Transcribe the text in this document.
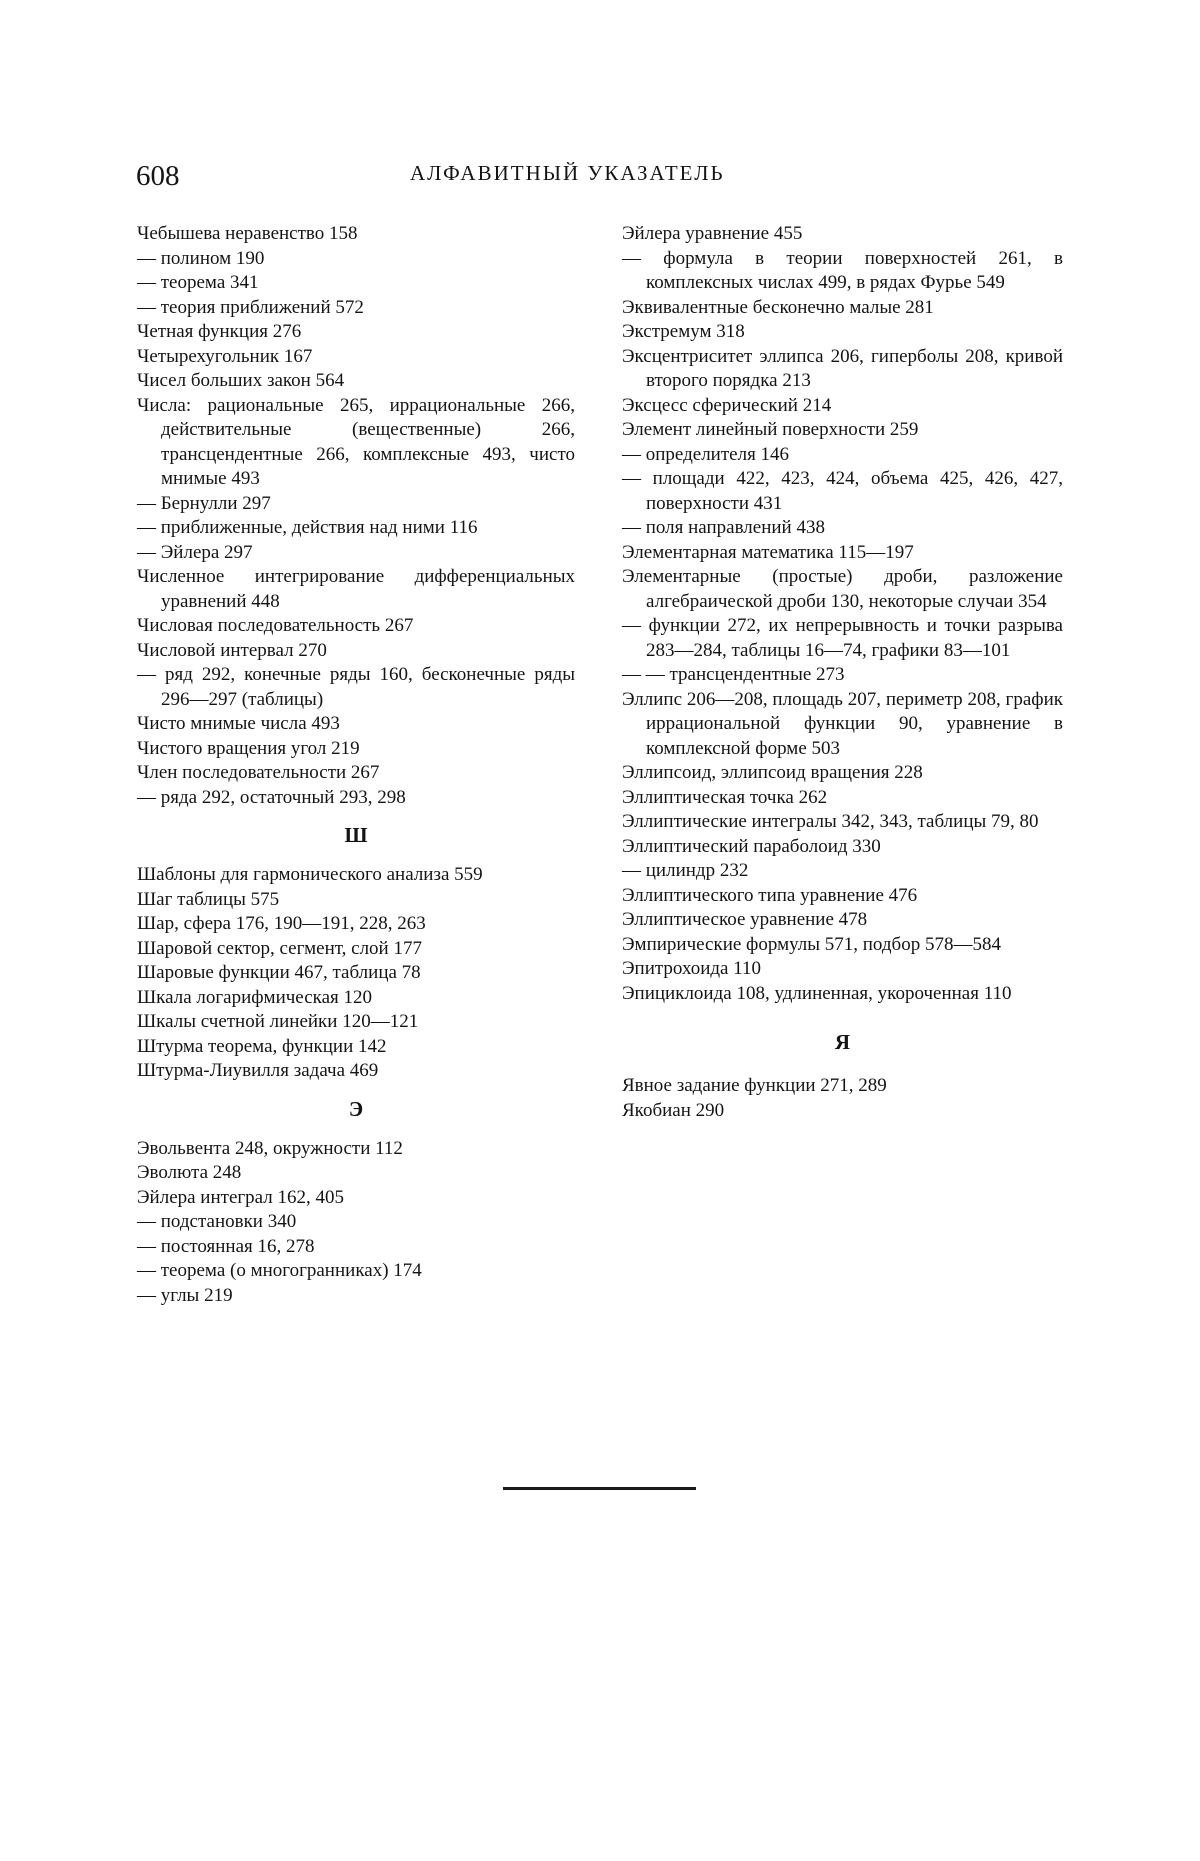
608	АЛФАВИТНЫЙ УКАЗАТЕЛЬ

Чебышева неравенство 158

— полином 190

— теорема 341

— теория приближений 572

Четная функция 276

Четырехугольник 167

Чисел больших закон 564

Числа: рациональные 265, иррациональные 266, действительные (вещественные) 266, трансцендентные 266, комплексные 493, чисто мнимые 493

— Бернулли 297

— приближенные, действия над ними 116

— Эйлера 297

Численное интегрирование дифференциальных уравнений 448

Числовая последовательность 267

Числовой интервал 270

— ряд 292, конечные ряды 160, бесконечные ряды 296—297 (таблицы)

Чисто мнимые числа 493

Чистого вращения угол 219

Член последовательности 267

— ряда 292, остаточный 293, 298

Ш

Шаблоны для гармонического анализа 559

Шаг таблицы 575

Шар, сфера 176, 190—191, 228, 263

Шаровой сектор, сегмент, слой 177

Шаровые функции 467, таблица 78

Шкала логарифмическая 120

Шкалы счетной линейки 120—121

Штурма теорема, функции 142

Штурма-Лиувилля задача 469

Э

Эвольвента 248, окружности 112

Эволюта 248

Эйлера интеграл 162, 405

— подстановки 340

— постоянная 16, 278

— теорема (о многогранниках) 174

— углы 219

Эйлера уравнение 455

— формула в теории поверхностей 261, в комплексных числах 499, в рядах Фурье 549

Эквивалентные бесконечно малые 281

Экстремум 318

Эксцентриситет эллипса 206, гиперболы 208, кривой второго порядка 213

Эксцесс сферический 214

Элемент линейный поверхности 259

— определителя 146

— площади 422, 423, 424, объема 425, 426, 427, поверхности 431

— поля направлений 438

Элементарная математика 115—197

Элементарные (простые) дроби, разложение алгебраической дроби 130, некоторые случаи 354

— функции 272, их непрерывность и точки разрыва 283—284, таблицы 16—74, графики 83—101

— — трансцендентные 273

Эллипс 206—208, площадь 207, периметр 208, график иррациональной функции 90, уравнение в комплексной форме 503

Эллипсоид, эллипсоид вращения 228

Эллиптическая точка 262

Эллиптические интегралы 342, 343, таблицы 79, 80

Эллиптический параболоид 330

— цилиндр 232

Эллиптического типа уравнение 476

Эллиптическое уравнение 478

Эмпирические формулы 571, подбор 578—584

Эпитрохоида 110

Эпициклоида 108, удлиненная, укороченная 110

Я

Явное задание функции 271, 289

Якобиан 290
